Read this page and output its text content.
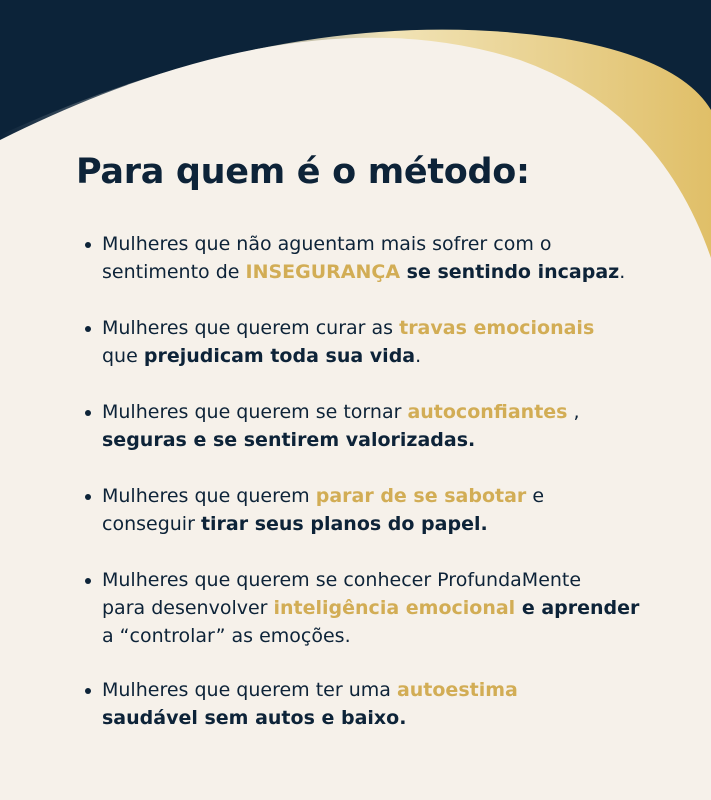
Para quem é o método:
Mulheres que não aguentam mais sofrer com o
sentimento de INSEGURANÇA se sentindo incapaz.
Mulheres que querem curar as travas emocionais
que prejudicam toda sua vida.
Mulheres que querem se tornar autoconfiantes ,
seguras e se sentirem valorizadas.
Mulheres que querem parar de se sabotar e
conseguir tirar seus planos do papel.
Mulheres que querem se conhecer ProfundaMente
para desenvolver inteligência emocional e aprender
a “controlar” as emoções.
Mulheres que querem ter uma autoestima
saudável sem autos e baixo.
